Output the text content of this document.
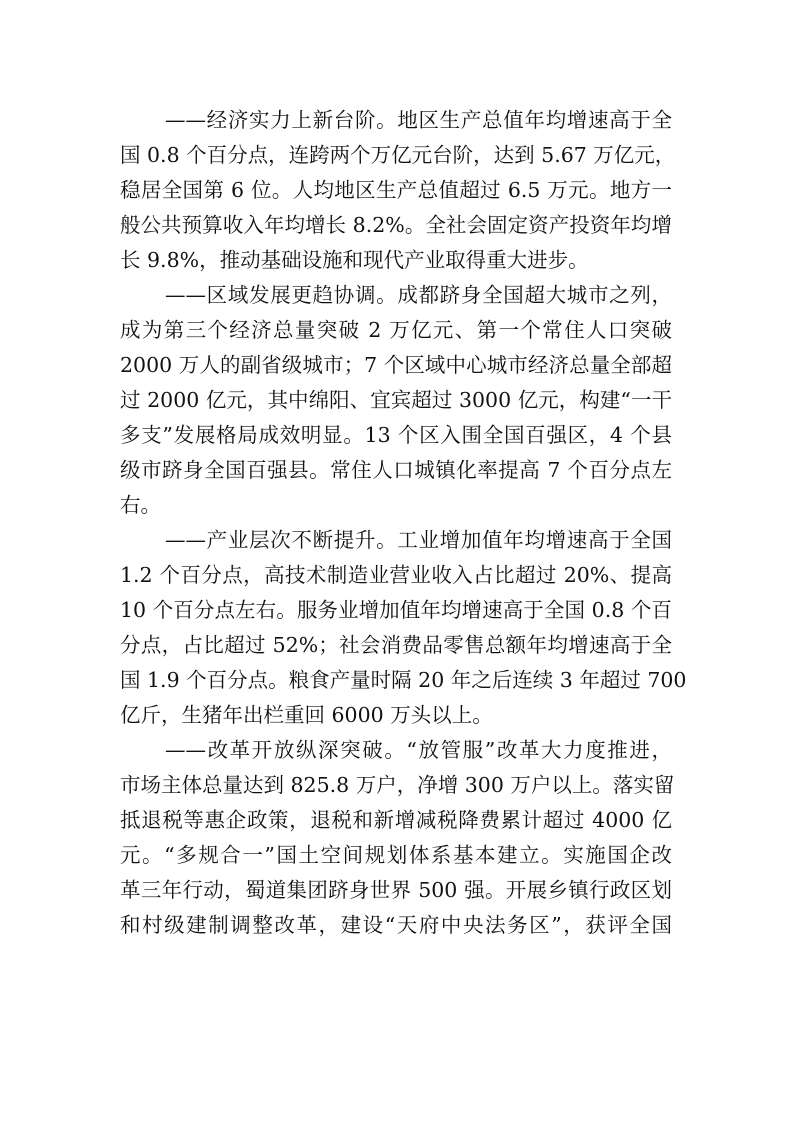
——经济实力上新台阶。地区生产总值年均增速高于全
国 0.8 个百分点，连跨两个万亿元台阶，达到 5.67 万亿元，
稳居全国第 6 位。人均地区生产总值超过 6.5 万元。地方一
般公共预算收入年均增长 8.2%。全社会固定资产投资年均增
长 9.8%，推动基础设施和现代产业取得重大进步。
——区域发展更趋协调。成都跻身全国超大城市之列，
成为第三个经济总量突破 2 万亿元、第一个常住人口突破
2000 万人的副省级城市；7 个区域中心城市经济总量全部超
过 2000 亿元，其中绵阳、宜宾超过 3000 亿元，构建“一干
多支”发展格局成效明显。13 个区入围全国百强区，4 个县
级市跻身全国百强县。常住人口城镇化率提高 7 个百分点左
右。
——产业层次不断提升。工业增加值年均增速高于全国
1.2 个百分点，高技术制造业营业收入占比超过 20%、提高
10 个百分点左右。服务业增加值年均增速高于全国 0.8 个百
分点，占比超过 52%；社会消费品零售总额年均增速高于全
国 1.9 个百分点。粮食产量时隔 20 年之后连续 3 年超过 700
亿斤，生猪年出栏重回 6000 万头以上。
——改革开放纵深突破。“放管服”改革大力度推进，
市场主体总量达到 825.8 万户，净增 300 万户以上。落实留
抵退税等惠企政策，退税和新增减税降费累计超过 4000 亿
元。“多规合一”国土空间规划体系基本建立。实施国企改
革三年行动，蜀道集团跻身世界 500 强。开展乡镇行政区划
和村级建制调整改革，建设“天府中央法务区”，获评全国
